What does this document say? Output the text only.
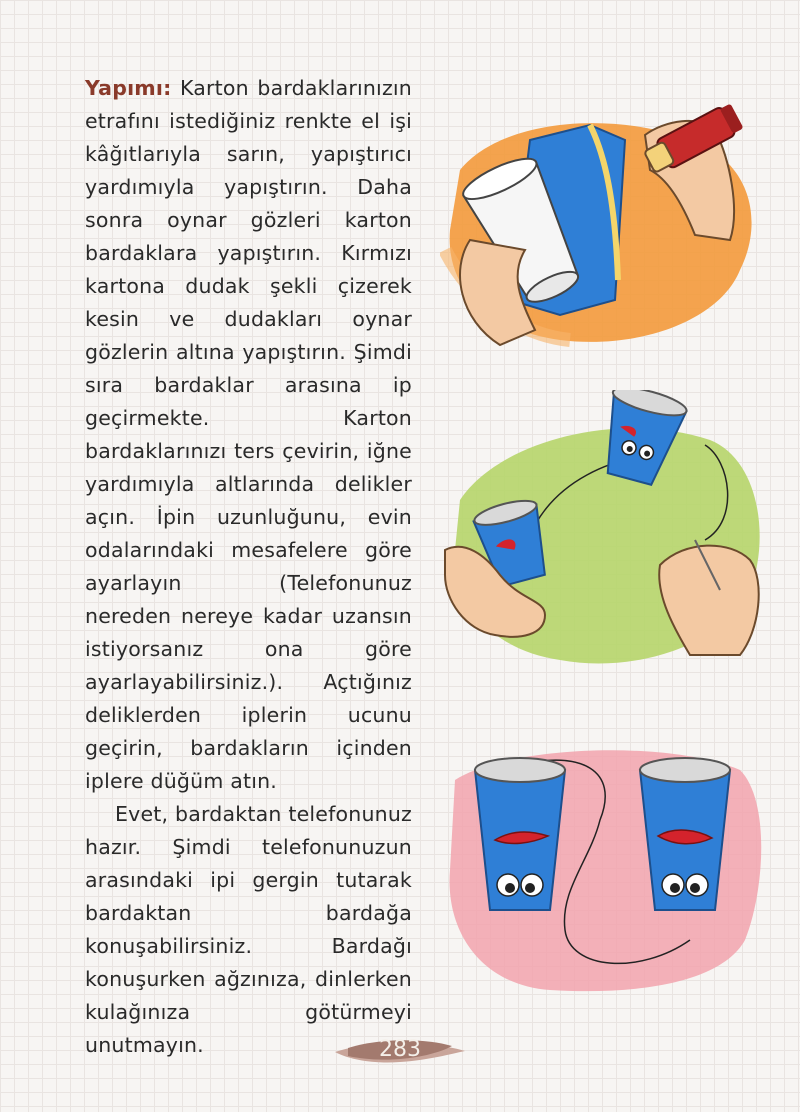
Yapımı: Karton bardaklarınızın etrafını istediğiniz renkte el işi kâğıtlarıyla sarın, yapıştırıcı yardımıyla yapıştırın. Daha sonra oynar gözleri karton bardaklara yapıştırın. Kırmızı kartona dudak şekli çizerek kesin ve dudakları oynar gözlerin altına yapıştırın. Şimdi sıra bardaklar arasına ip geçirmekte. Karton bardaklarınızı ters çevirin, iğne yardımıyla altlarında delikler açın. İpin uzunluğunu, evin odalarındaki mesafelere göre ayarlayın (Telefonunuz nereden nereye kadar uzansın istiyorsanız ona göre ayarlayabilirsiniz.). Açtığınız deliklerden iplerin ucunu geçirin, bardakların içinden iplere düğüm atın.

Evet, bardaktan telefonunuz hazır. Şimdi telefonunuzun arasındaki ipi gergin tutarak bardaktan bardağa konuşabilirsiniz. Bardağı konuşurken ağzınıza, dinlerken kulağınıza götürmeyi unutmayın.	283
